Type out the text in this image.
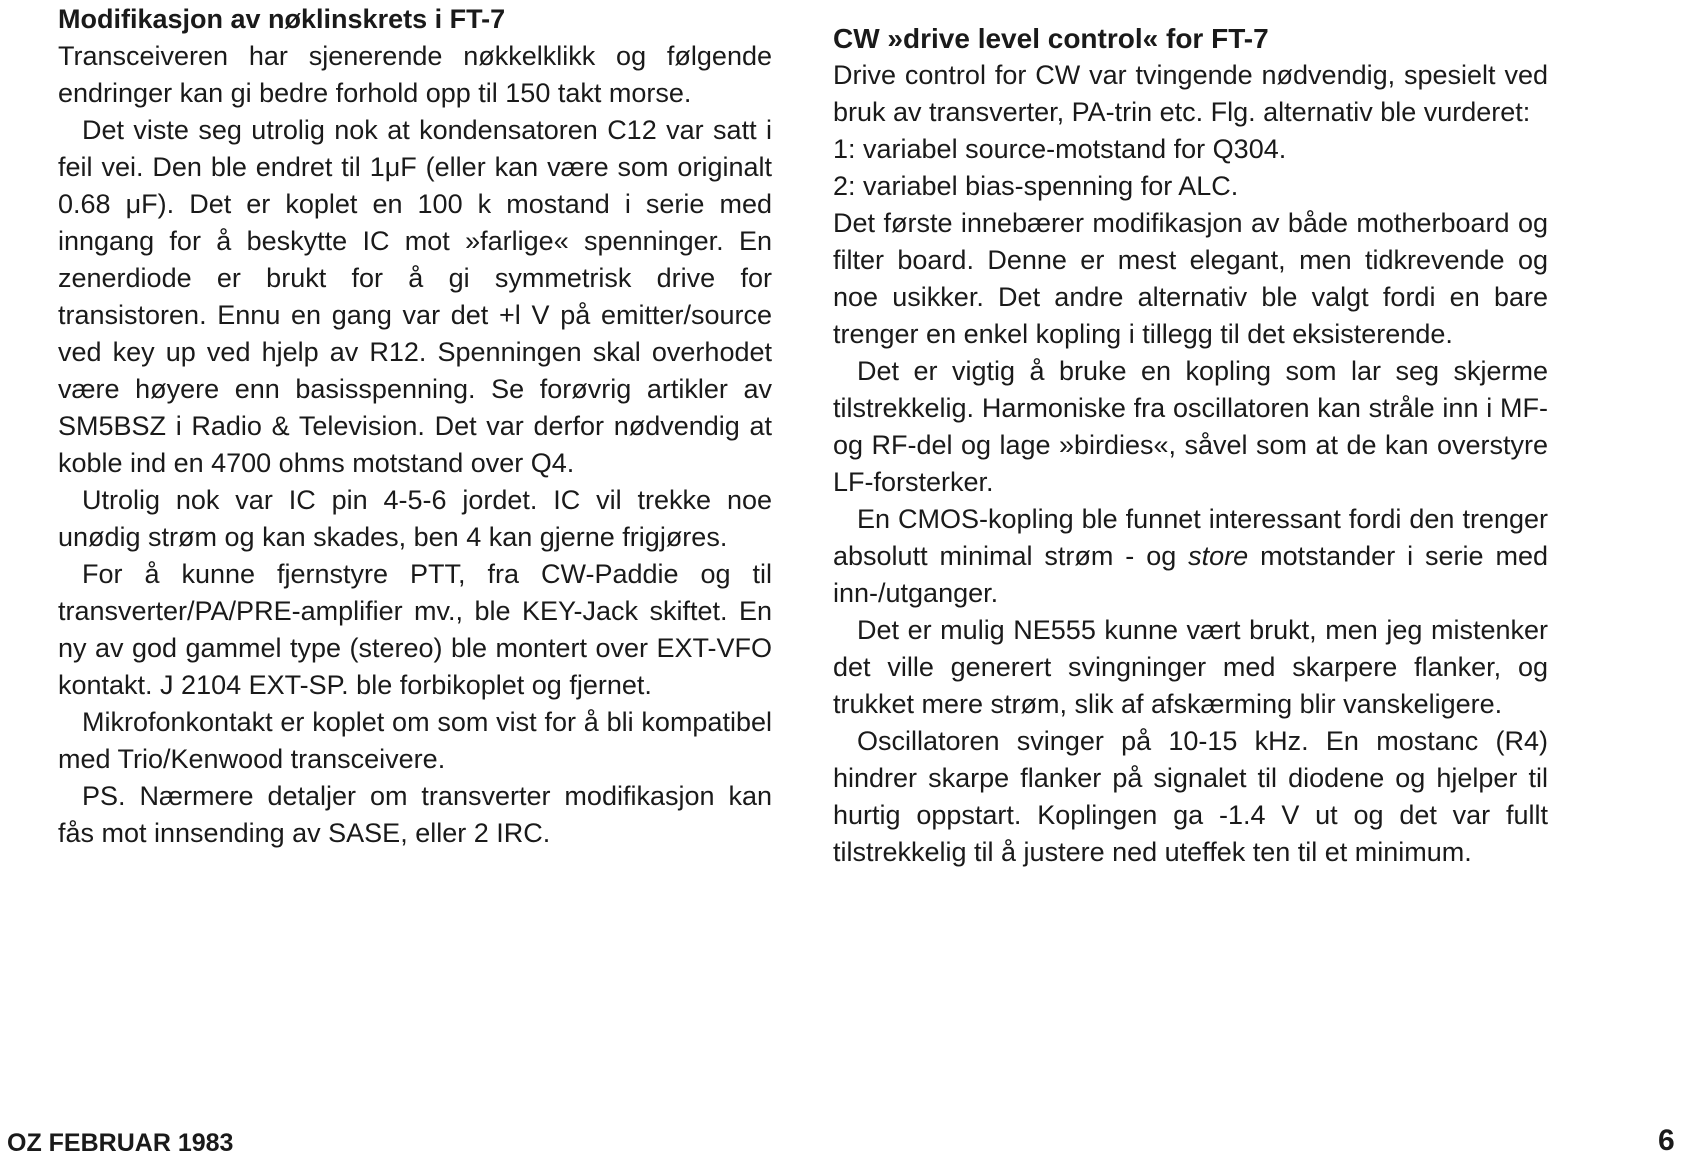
Modifikasjon av nøklinskrets i FT-7

Transceiveren har sjenerende nøkkelklikk og følgende endringer kan gi bedre forhold opp til 150 takt morse.

Det viste seg utrolig nok at kondensatoren C12 var satt i feil vei. Den ble endret til 1μF (eller kan være som originalt 0.68 μF). Det er koplet en 100 k mostand i serie med inngang for å beskytte IC mot »farlige« spenninger. En zenerdiode er brukt for å gi symmetrisk drive for transistoren. Ennu en gang var det +l V på emitter/source ved key up ved hjelp av R12. Spenningen skal overhodet være høyere enn basisspenning. Se forøvrig artikler av SM5BSZ i Radio & Television. Det var derfor nødvendig at koble ind en 4700 ohms motstand over Q4.

Utrolig nok var IC pin 4-5-6 jordet. IC vil trekke noe unødig strøm og kan skades, ben 4 kan gjerne frigjøres.

For å kunne fjernstyre PTT, fra CW-Paddie og til transverter/PA/PRE-amplifier mv., ble KEY-Jack skiftet. En ny av god gammel type (stereo) ble montert over EXT-VFO kontakt. J 2104 EXT-SP. ble forbikoplet og fjernet.

Mikrofonkontakt er koplet om som vist for å bli kompatibel med Trio/Kenwood transceivere.

PS. Nærmere detaljer om transverter modifikasjon kan fås mot innsending av SASE, eller 2 IRC.

CW »drive level control« for FT-7

Drive control for CW var tvingende nødvendig, spesielt ved bruk av transverter, PA-trin etc. Flg. alternativ ble vurderet:

1: variabel source-motstand for Q304.

2: variabel bias-spenning for ALC.

Det første innebærer modifikasjon av både motherboard og filter board. Denne er mest elegant, men tidkrevende og noe usikker. Det andre alternativ ble valgt fordi en bare trenger en enkel kopling i tillegg til det eksisterende.

Det er vigtig å bruke en kopling som lar seg skjerme tilstrekkelig. Harmoniske fra oscillatoren kan stråle inn i MF- og RF-del og lage »birdies«, såvel som at de kan overstyre LF-forsterker.

En CMOS-kopling ble funnet interessant fordi den trenger absolutt minimal strøm - og store motstander i serie med inn-/utganger.

Det er mulig NE555 kunne vært brukt, men jeg mistenker det ville generert svingninger med skarpere flanker, og trukket mere strøm, slik af afskærming blir vanskeligere.

Oscillatoren svinger på 10-15 kHz. En mostanc (R4) hindrer skarpe flanker på signalet til diodene og hjelper til hurtig oppstart. Koplingen ga -1.4 V ut og det var fullt tilstrekkelig til å justere ned uteffek ten til et minimum.

OZ FEBRUAR 1983	6
